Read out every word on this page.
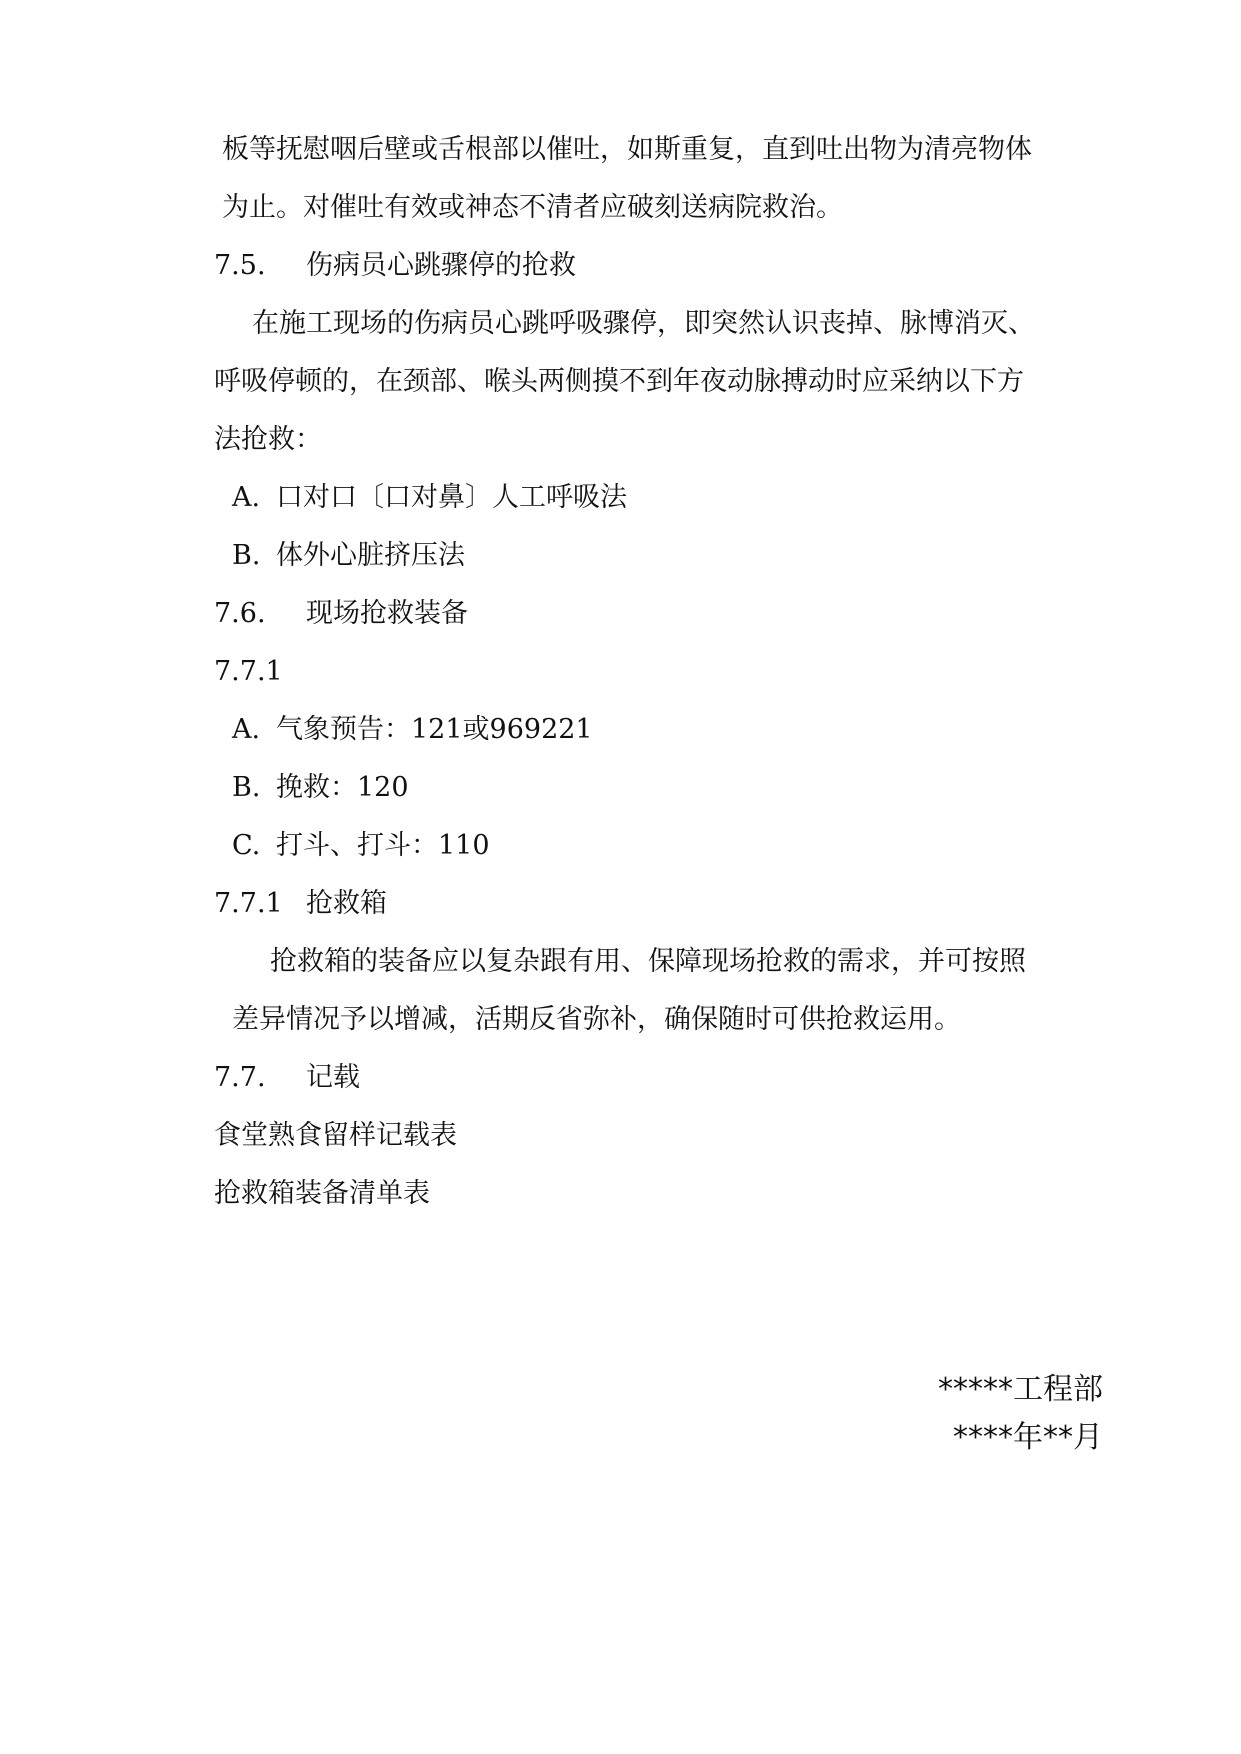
板等抚慰咽后壁或舌根部以催吐，如斯重复，直到吐出物为清亮物体
为止。对催吐有效或神态不清者应破刻送病院救治。
7.5. 伤病员心跳骤停的抢救
在施工现场的伤病员心跳呼吸骤停，即突然认识丧掉、脉博消灭、
呼吸停顿的，在颈部、喉头两侧摸不到年夜动脉搏动时应采纳以下方
法抢救：
A. 口对口〔口对鼻〕人工呼吸法
B. 体外心脏挤压法
7.6. 现场抢救装备
7.7.1
A. 气象预告：121或969221
B. 挽救：120
C. 打斗、打斗：110
7.7.1 抢救箱
抢救箱的装备应以复杂跟有用、保障现场抢救的需求，并可按照
差异情况予以增减，活期反省弥补，确保随时可供抢救运用。
7.7. 记载
食堂熟食留样记载表
抢救箱装备清单表
*****工程部
****年**月
